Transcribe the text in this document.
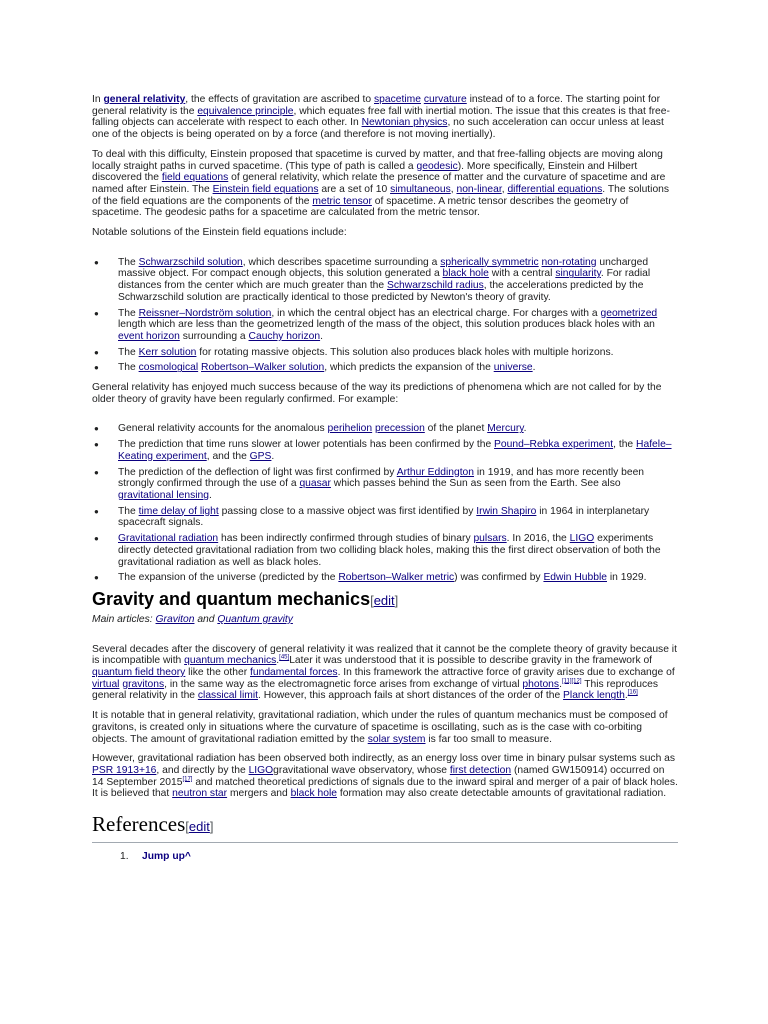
In general relativity, the effects of gravitation are ascribed to spacetime curvature instead of to a force. The starting point for general relativity is the equivalence principle, which equates free fall with inertial motion. The issue that this creates is that free-falling objects can accelerate with respect to each other. In Newtonian physics, no such acceleration can occur unless at least one of the objects is being operated on by a force (and therefore is not moving inertially).

To deal with this difficulty, Einstein proposed that spacetime is curved by matter, and that free-falling objects are moving along locally straight paths in curved spacetime. (This type of path is called a geodesic). More specifically, Einstein and Hilbert discovered the field equations of general relativity, which relate the presence of matter and the curvature of spacetime and are named after Einstein. The Einstein field equations are a set of 10 simultaneous, non-linear, differential equations. The solutions of the field equations are the components of the metric tensor of spacetime. A metric tensor describes the geometry of spacetime. The geodesic paths for a spacetime are calculated from the metric tensor.

Notable solutions of the Einstein field equations include:

● The Schwarzschild solution, which describes spacetime surrounding a spherically symmetric non-rotating uncharged massive object. For compact enough objects, this solution generated a black hole with a central singularity. For radial distances from the center which are much greater than the Schwarzschild radius, the accelerations predicted by the Schwarzschild solution are practically identical to those predicted by Newton's theory of gravity.
● The Reissner–Nordström solution, in which the central object has an electrical charge. For charges with a geometrized length which are less than the geometrized length of the mass of the object, this solution produces black holes with an event horizon surrounding a Cauchy horizon.
● The Kerr solution for rotating massive objects. This solution also produces black holes with multiple horizons.
● The cosmological Robertson–Walker solution, which predicts the expansion of the universe.

General relativity has enjoyed much success because of the way its predictions of phenomena which are not called for by the older theory of gravity have been regularly confirmed. For example:

● General relativity accounts for the anomalous perihelion precession of the planet Mercury.
● The prediction that time runs slower at lower potentials has been confirmed by the Pound–Rebka experiment, the Hafele–Keating experiment, and the GPS.
● The prediction of the deflection of light was first confirmed by Arthur Eddington in 1919, and has more recently been strongly confirmed through the use of a quasar which passes behind the Sun as seen from the Earth. See also gravitational lensing.
● The time delay of light passing close to a massive object was first identified by Irwin Shapiro in 1964 in interplanetary spacecraft signals.
● Gravitational radiation has been indirectly confirmed through studies of binary pulsars. In 2016, the LIGO experiments directly detected gravitational radiation from two colliding black holes, making this the first direct observation of both the gravitational radiation as well as black holes.
● The expansion of the universe (predicted by the Robertson–Walker metric) was confirmed by Edwin Hubble in 1929.
Gravity and quantum mechanics[edit]
Main articles: Graviton and Quantum gravity

Several decades after the discovery of general relativity it was realized that it cannot be the complete theory of gravity because it is incompatible with quantum mechanics.[45]Later it was understood that it is possible to describe gravity in the framework of quantum field theory like the other fundamental forces. In this framework the attractive force of gravity arises due to exchange of virtual gravitons, in the same way as the electromagnetic force arises from exchange of virtual photons.[11][12] This reproduces general relativity in the classical limit. However, this approach fails at short distances of the order of the Planck length.[16]

It is notable that in general relativity, gravitational radiation, which under the rules of quantum mechanics must be composed of gravitons, is created only in situations where the curvature of spacetime is oscillating, such as is the case with co-orbiting objects. The amount of gravitational radiation emitted by the solar system is far too small to measure.

However, gravitational radiation has been observed both indirectly, as an energy loss over time in binary pulsar systems such as PSR 1913+16, and directly by the LIGOgravitational wave observatory, whose first detection (named GW150914) occurred on 14 September 2015[17] and matched theoretical predictions of signals due to the inward spiral and merger of a pair of black holes. It is believed that neutron star mergers and black hole formation may also create detectable amounts of gravitational radiation.

References[edit]
1. Jump up^
